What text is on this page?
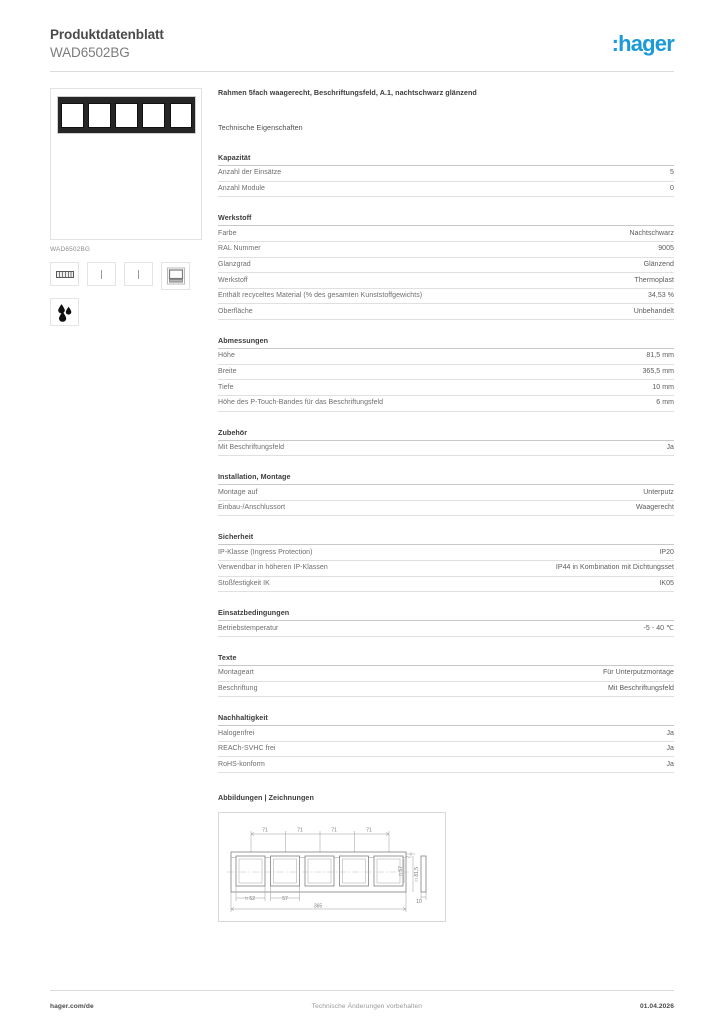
Produktdatenblatt
WAD6502BG	:hager
WAD6502BG
Rahmen 5fach waagerecht, Beschriftungsfeld, A.1, nachtschwarz glänzend
Technische Eigenschaften
Kapazität
Anzahl der Einsätze	5
Anzahl Module	0
Werkstoff
Farbe	Nachtschwarz
RAL Nummer	9005
Glanzgrad	Glänzend
Werkstoff	Thermoplast
Enthält recyceltes Material (% des gesamten Kunststoffgewichts)	34,53 %
Oberfläche	Unbehandelt
Abmessungen
Höhe	81,5 mm
Breite	365,5 mm
Tiefe	10 mm
Höhe des P-Touch-Bandes für das Beschriftungsfeld	6 mm
Zubehör
Mit Beschriftungsfeld	Ja
Installation, Montage
Montage auf	Unterputz
Einbau-/Anschlussort	Waagerecht
Sicherheit
IP-Klasse (Ingress Protection)	IP20
Verwendbar in höheren IP-Klassen	IP44 in Kombination mit Dichtungsset
Stoßfestigkeit IK	IK05
Einsatzbedingungen
Betriebstemperatur	-5 - 40 ℃
Texte
Montageart	Für Unterputzmontage
Beschriftung	Mit Beschriftungsfeld
Nachhaltigkeit
Halogenfrei	Ja
REACh-SVHC frei	Ja
RoHS-konform	Ja
Abbildungen | Zeichnungen
71	71	71	71
□ 52	57
365
7
□ 57 □ 81,5
10
hager.com/de	Technische Änderungen vorbehalten	01.04.2026
